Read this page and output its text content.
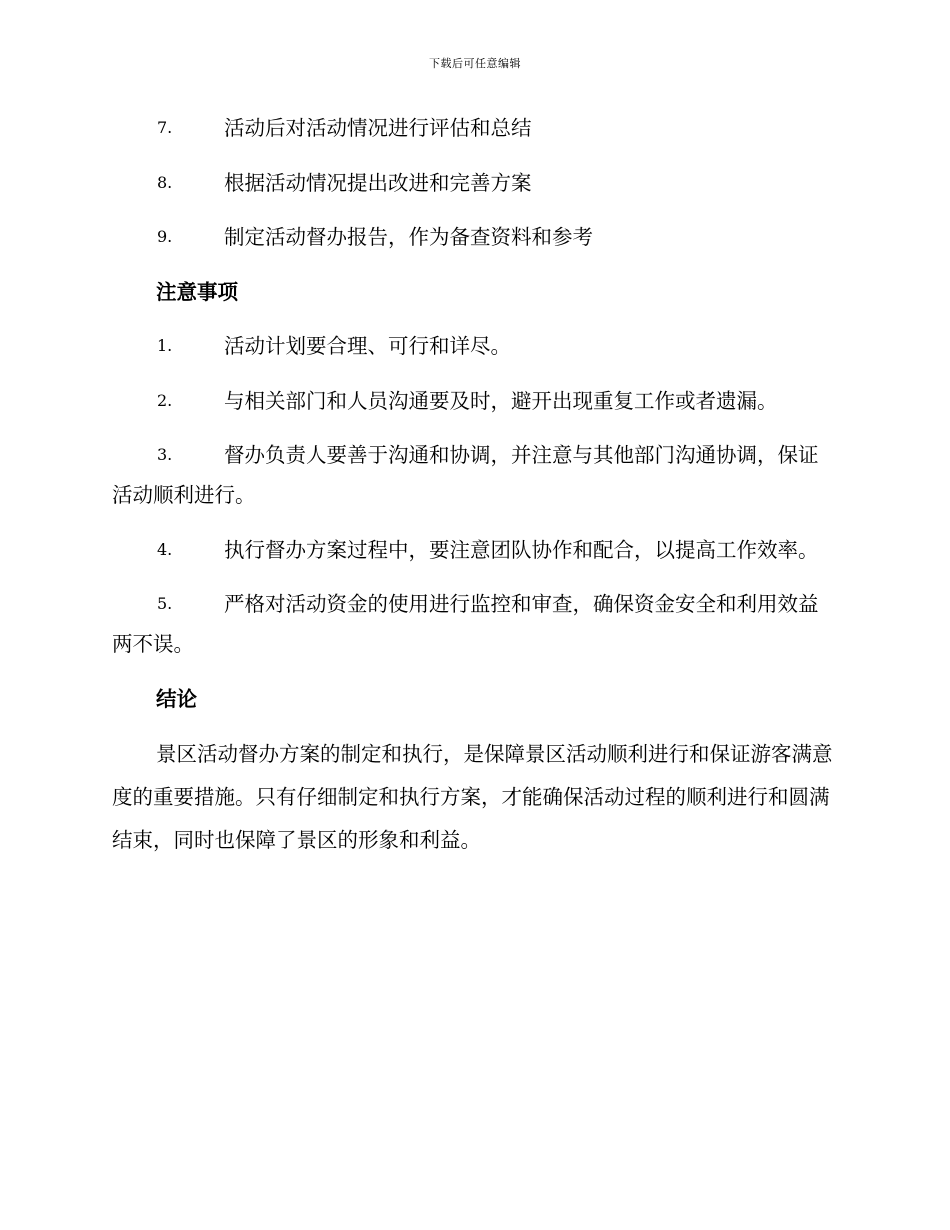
下载后可任意编辑
7.	活动后对活动情况进行评估和总结
8.	根据活动情况提出改进和完善方案
9.	制定活动督办报告，作为备查资料和参考
注意事项
1.	活动计划要合理、可行和详尽。
2.	与相关部门和人员沟通要及时，避开出现重复工作或者遗漏。
3.	督办负责人要善于沟通和协调，并注意与其他部门沟通协调，保证活动顺利进行。
4.	执行督办方案过程中，要注意团队协作和配合，以提高工作效率。
5.	严格对活动资金的使用进行监控和审查，确保资金安全和利用效益两不误。
结论
景区活动督办方案的制定和执行，是保障景区活动顺利进行和保证游客满意度的重要措施。只有仔细制定和执行方案，才能确保活动过程的顺利进行和圆满结束，同时也保障了景区的形象和利益。
